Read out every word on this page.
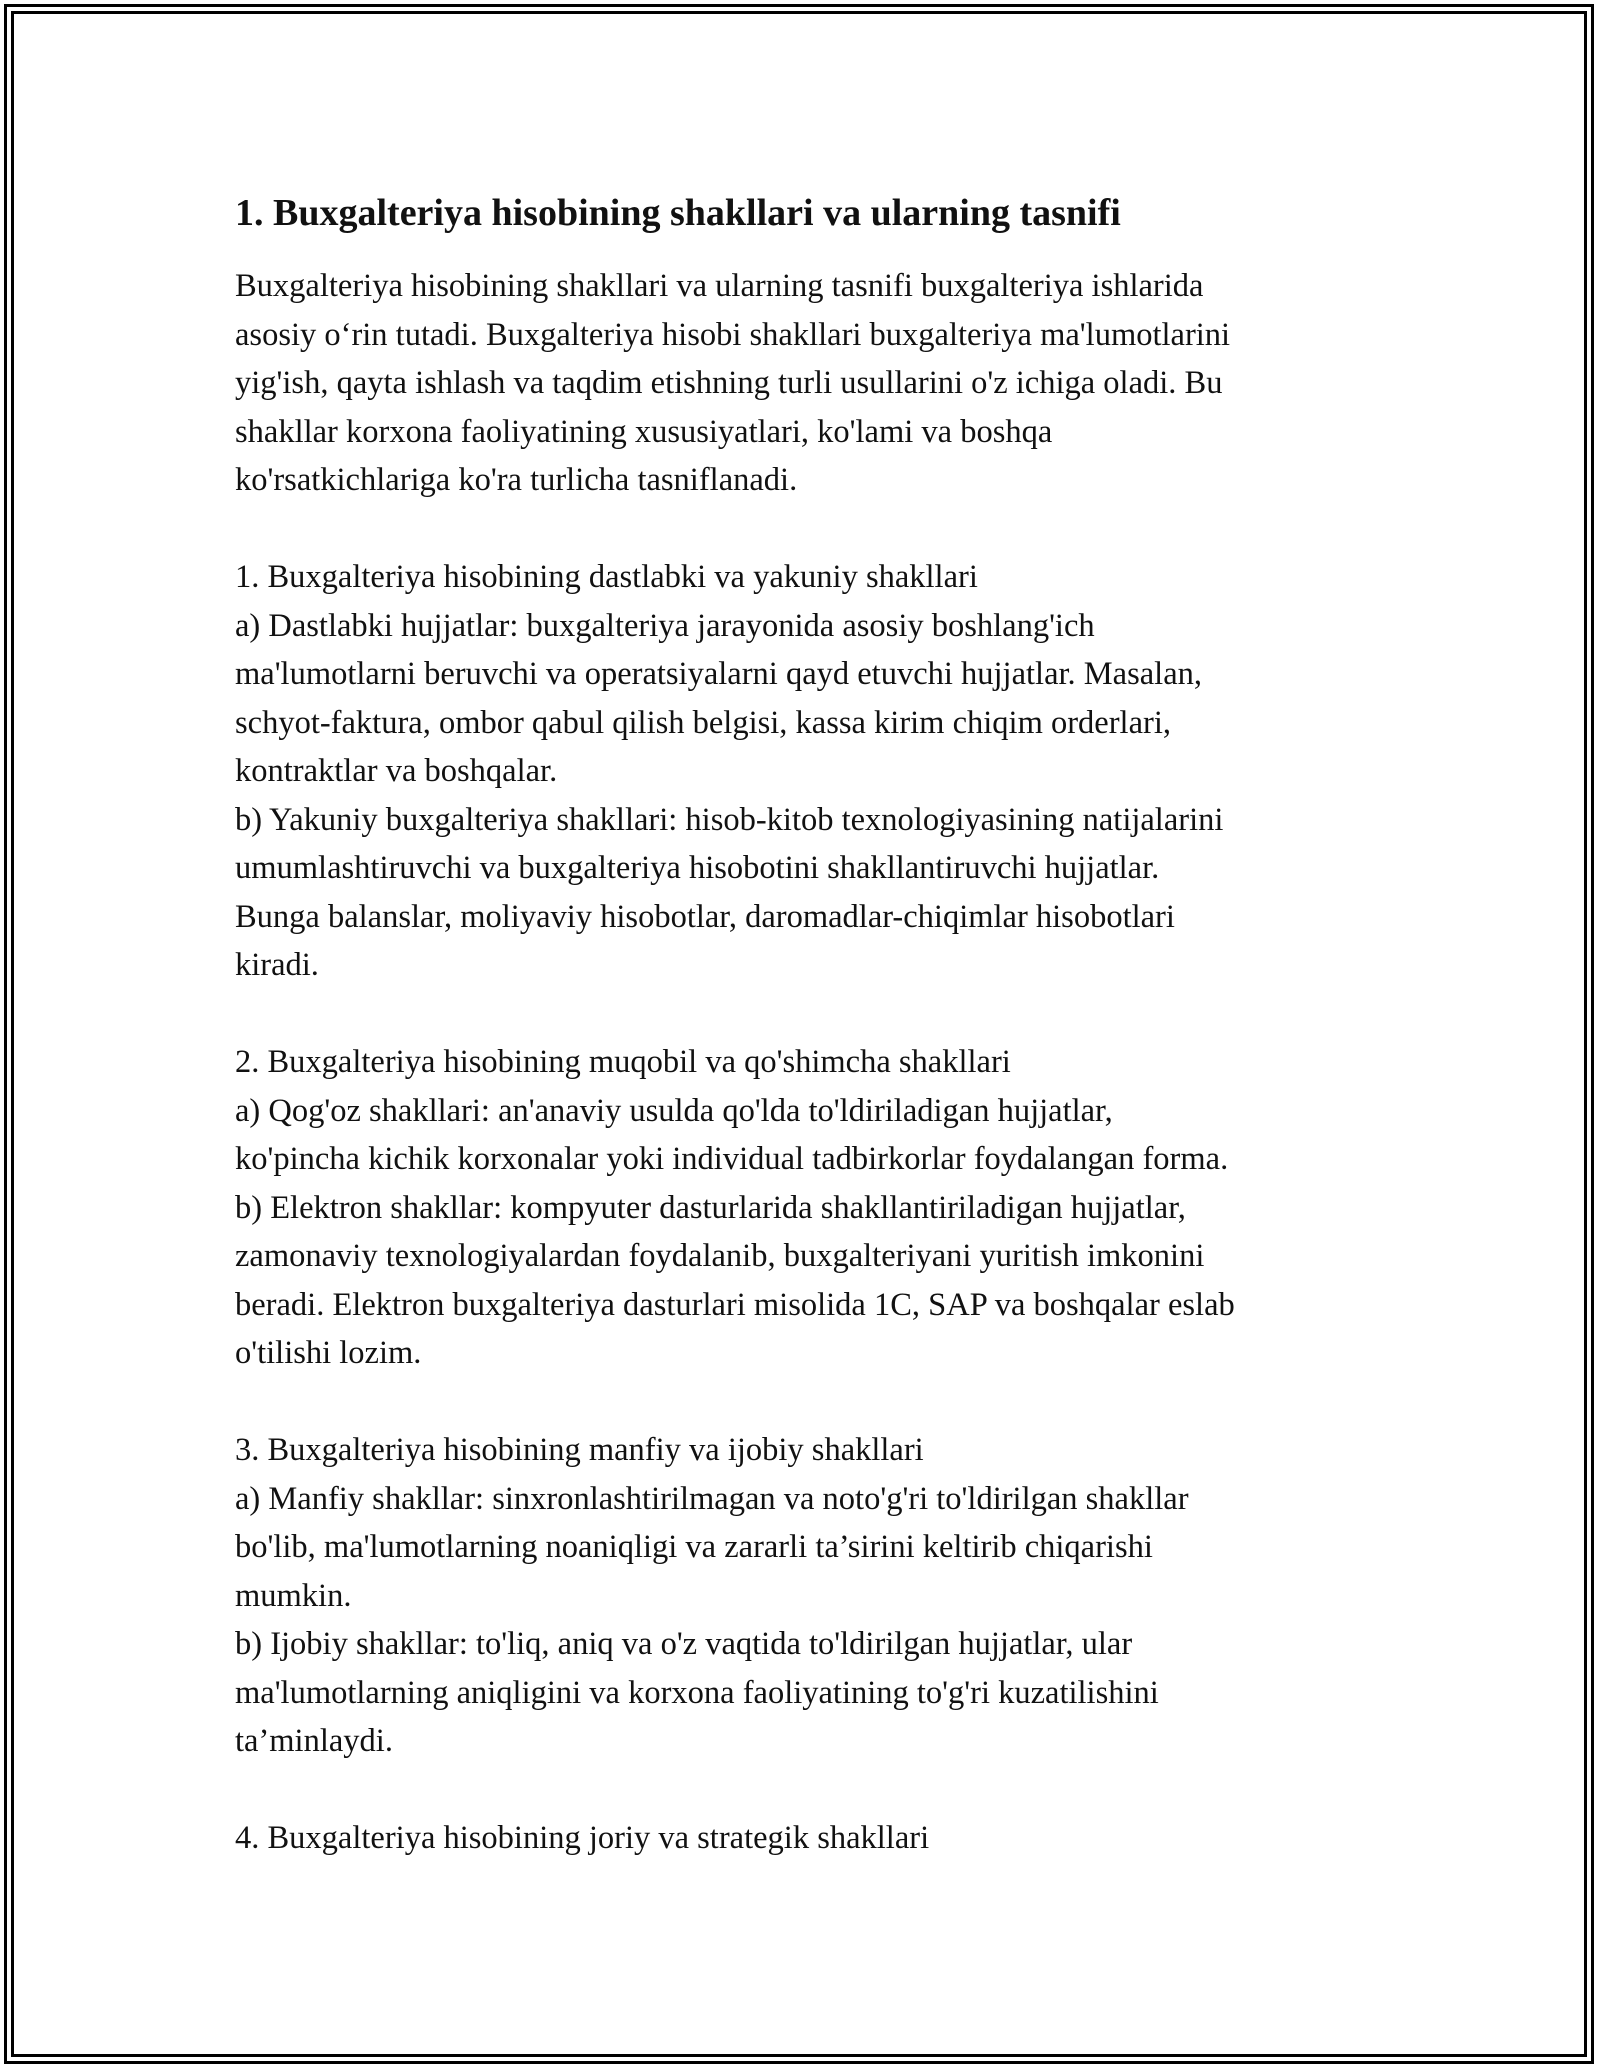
1. Buxgalteriya hisobining shakllari va ularning tasnifi

Buxgalteriya hisobining shakllari va ularning tasnifi buxgalteriya ishlarida
asosiy oʻrin tutadi. Buxgalteriya hisobi shakllari buxgalteriya ma'lumotlarini
yig'ish, qayta ishlash va taqdim etishning turli usullarini o'z ichiga oladi. Bu
shakllar korxona faoliyatining xususiyatlari, ko'lami va boshqa
ko'rsatkichlariga ko'ra turlicha tasniflanadi.

1. Buxgalteriya hisobining dastlabki va yakuniy shakllari
a) Dastlabki hujjatlar: buxgalteriya jarayonida asosiy boshlang'ich
ma'lumotlarni beruvchi va operatsiyalarni qayd etuvchi hujjatlar. Masalan,
schyot-faktura, ombor qabul qilish belgisi, kassa kirim chiqim orderlari,
kontraktlar va boshqalar.
b) Yakuniy buxgalteriya shakllari: hisob-kitob texnologiyasining natijalarini
umumlashtiruvchi va buxgalteriya hisobotini shakllantiruvchi hujjatlar.
Bunga balanslar, moliyaviy hisobotlar, daromadlar-chiqimlar hisobotlari
kiradi.
2. Buxgalteriya hisobining muqobil va qo'shimcha shakllari
a) Qog'oz shakllari: an'anaviy usulda qo'lda to'ldiriladigan hujjatlar,
ko'pincha kichik korxonalar yoki individual tadbirkorlar foydalangan forma.
b) Elektron shakllar: kompyuter dasturlarida shakllantiriladigan hujjatlar,
zamonaviy texnologiyalardan foydalanib, buxgalteriyani yuritish imkonini
beradi. Elektron buxgalteriya dasturlari misolida 1C, SAP va boshqalar eslab
o'tilishi lozim.
3. Buxgalteriya hisobining manfiy va ijobiy shakllari
a) Manfiy shakllar: sinxronlashtirilmagan va noto'g'ri to'ldirilgan shakllar
bo'lib, ma'lumotlarning noaniqligi va zararli ta’sirini keltirib chiqarishi
mumkin.
b) Ijobiy shakllar: to'liq, aniq va o'z vaqtida to'ldirilgan hujjatlar, ular
ma'lumotlarning aniqligini va korxona faoliyatining to'g'ri kuzatilishini
ta’minlaydi.
4. Buxgalteriya hisobining joriy va strategik shakllari
